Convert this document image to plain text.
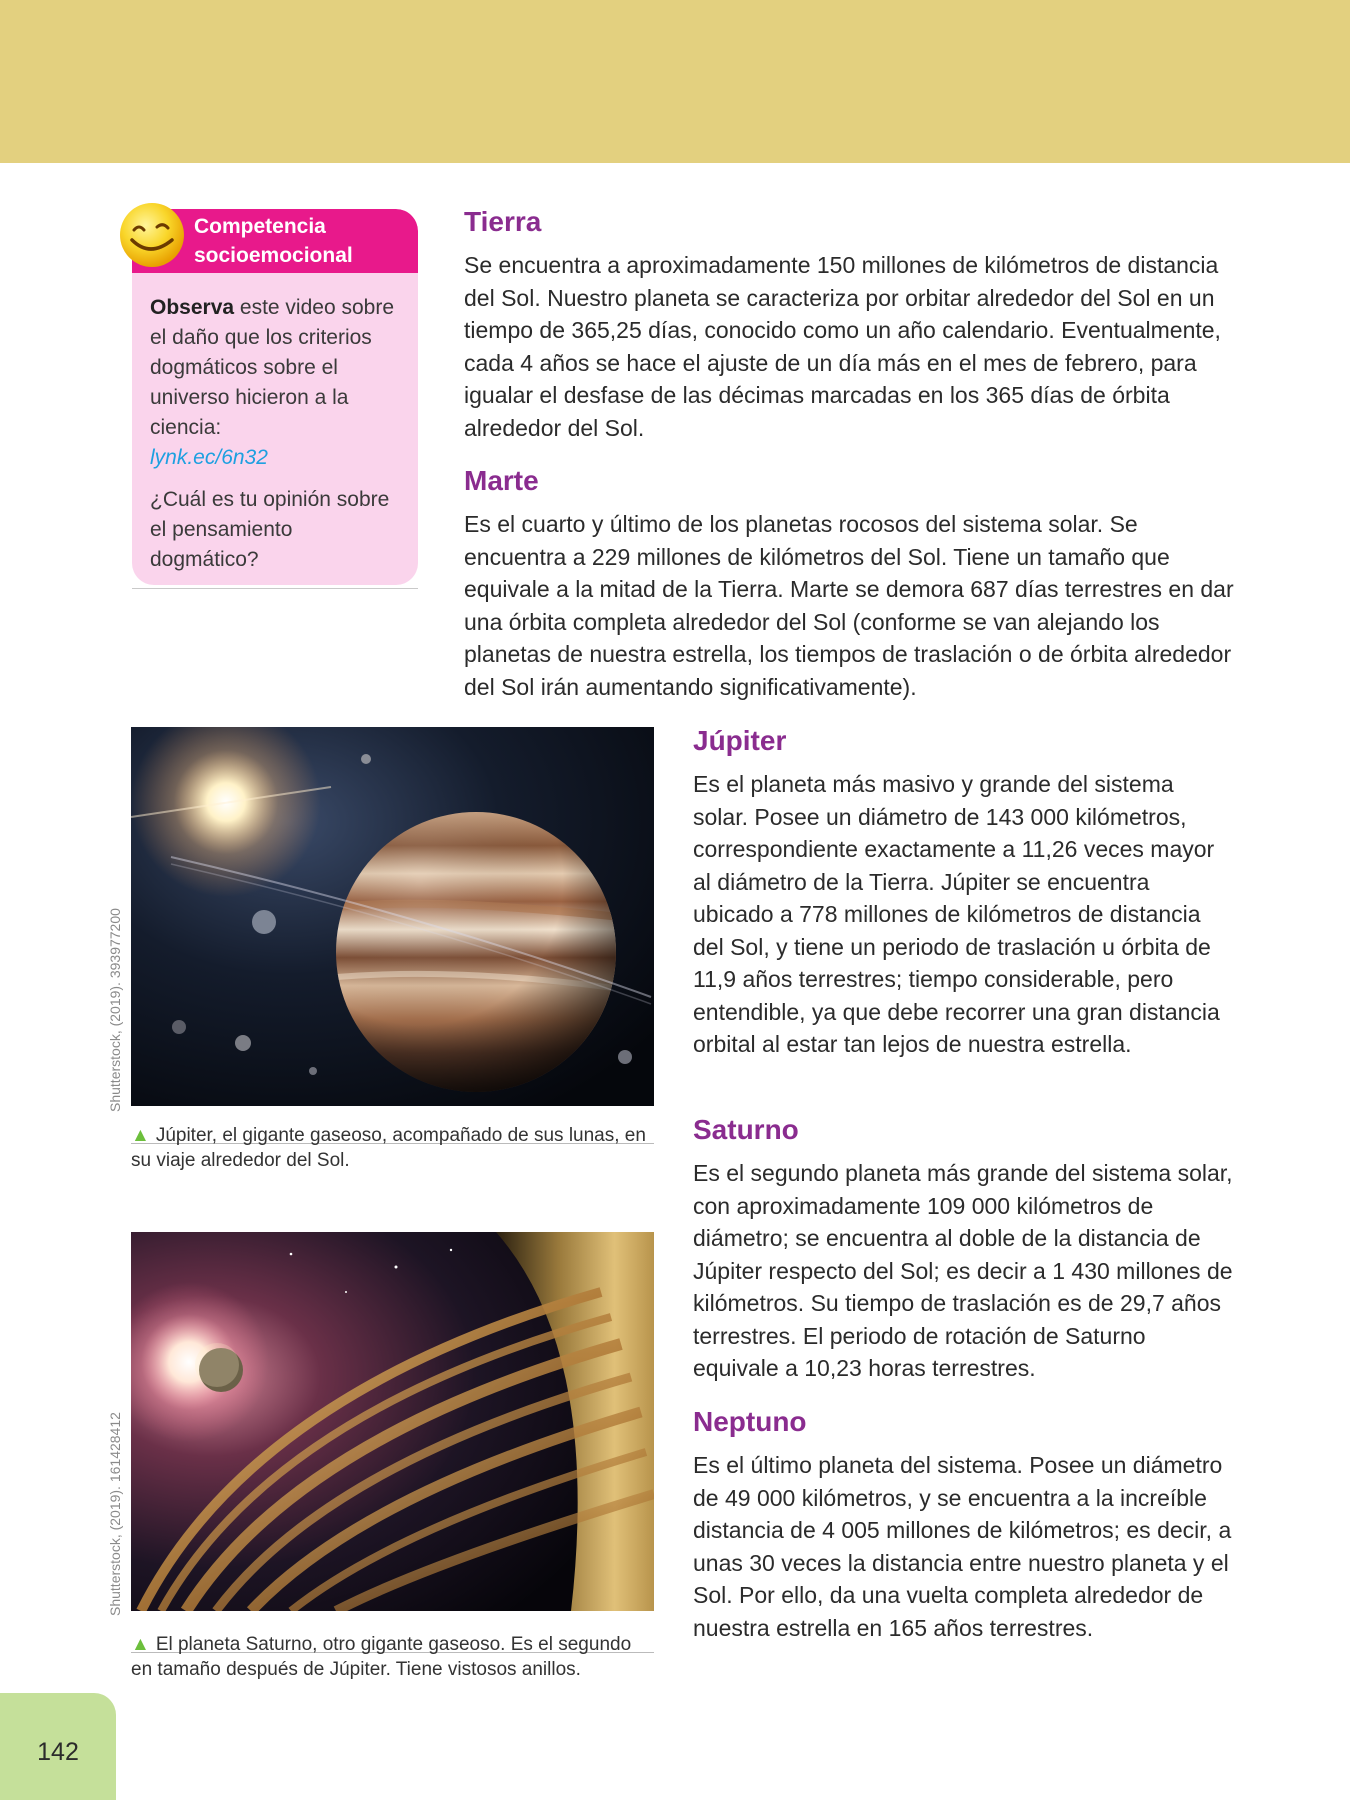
Competencia
socioemocional

Observa este video sobre el daño que los criterios dogmáticos sobre el universo hicieron a la ciencia:
lynk.ec/6n32

¿Cuál es tu opinión sobre el pensamiento dogmático?

Tierra

Se encuentra a aproximadamente 150 millones de kilómetros de distancia del Sol. Nuestro planeta se caracteriza por orbitar alrededor del Sol en un tiempo de 365,25 días, conocido como un año calendario. Eventualmente, cada 4 años se hace el ajuste de un día más en el mes de febrero, para igualar el desfase de las décimas marcadas en los 365 días de órbita alrededor del Sol.

Marte

Es el cuarto y último de los planetas rocosos del sistema solar. Se encuentra a 229 millones de kilómetros del Sol. Tiene un tamaño que equivale a la mitad de la Tierra. Marte se demora 687 días terrestres en dar una órbita completa alrededor del Sol (conforme se van alejando los planetas de nuestra estrella, los tiempos de traslación o de órbita alrededor del Sol irán aumentando significativamente).

Júpiter

Es el planeta más masivo y grande del sistema solar. Posee un diámetro de 143 000 kilómetros, correspondiente exactamente a 11,26 veces mayor al diámetro de la Tierra. Júpiter se encuentra ubicado a 778 millones de kilómetros de distancia del Sol, y tiene un periodo de traslación u órbita de 11,9 años terrestres; tiempo considerable, pero entendible, ya que debe recorrer una gran distancia orbital al estar tan lejos de nuestra estrella.

Saturno

Es el segundo planeta más grande del sistema solar, con aproximadamente 109 000 kilómetros de diámetro; se encuentra al doble de la distancia de Júpiter respecto del Sol; es decir a 1 430 millones de kilómetros. Su tiempo de traslación es de 29,7 años terrestres. El periodo de rotación de Saturno equivale a 10,23 horas terrestres.

Neptuno

Es el último planeta del sistema. Posee un diámetro de 49 000 kilómetros, y se encuentra a la increíble distancia de 4 005 millones de kilómetros; es decir, a unas 30 veces la distancia entre nuestro planeta y el Sol. Por ello, da una vuelta completa alrededor de nuestra estrella en 165 años terrestres.

Shutterstock, (2019). 393977200
▲ Júpiter, el gigante gaseoso, acompañado de sus lunas, en su viaje alrededor del Sol.
Shutterstock, (2019). 161428412
▲ El planeta Saturno, otro gigante gaseoso. Es el segundo en tamaño después de Júpiter. Tiene vistosos anillos.
142
